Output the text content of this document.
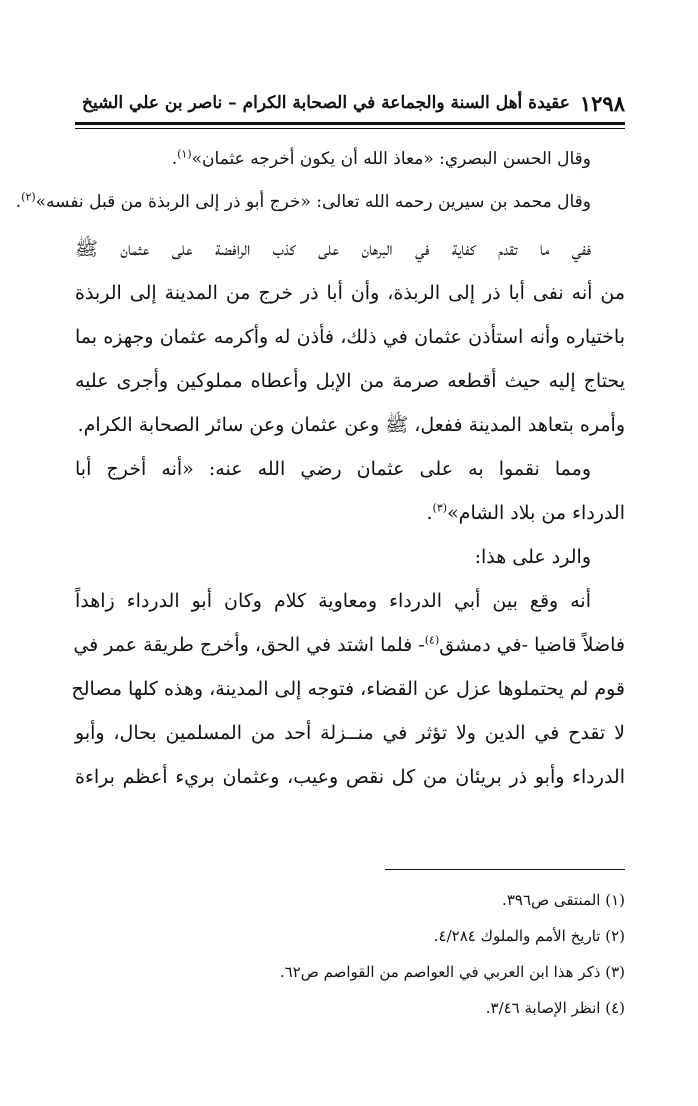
١٢٩٨
عقيدة أهل السنة والجماعة في الصحابة الكرام – ناصر بن علي الشيخ
وقال الحسن البصري: «معاذ الله أن يكون أخرجه عثمان»$^{(١)}$.
وقال محمد بن سيرين رحمه الله تعالى: «خرج أبو ذر إلى الربذة من قبل نفسه»$^{(٢)}$.
ففي ما تقدم كفاية في البرهان على كذب الرافضة على عثمان ﷺ
من أنه نفى أبا ذر إلى الربذة، وأن أبا ذر خرج من المدينة إلى الربذة
باختياره وأنه استأذن عثمان في ذلك، فأذن له وأكرمه عثمان وجهزه بما
يحتاج إليه حيث أقطعه صرمة من الإبل وأعطاه مملوكين وأجرى عليه
وأمره بتعاهد المدينة ففعل، ﷺ وعن عثمان وعن سائر الصحابة الكرام.
ومما نقموا به على عثمان رضي الله عنه: «أنه أخرج أبا
الدرداء من بلاد الشام»$^{(٣)}$.
والرد على هذا:
أنه وقع بين أبي الدرداء ومعاوية كلام وكان أبو الدرداء زاهداً
فاضلاً قاضيا -في دمشق$^{(٤)}$- فلما اشتد في الحق، وأخرج طريقة عمر في
قوم لم يحتملوها عزل عن القضاء، فتوجه إلى المدينة، وهذه كلها مصالح
لا تقدح في الدين ولا تؤثر في منــزلة أحد من المسلمين بحال، وأبو
الدرداء وأبو ذر بريئان من كل نقص وعيب، وعثمان بريء أعظم براءة
(١) المنتقى ص٣٩٦.
(٢) تاريخ الأمم والملوك ٤/٢٨٤.
(٣) ذكر هذا ابن العربي في العواصم من القواصم ص٦٢.
(٤) انظر الإصابة ٣/٤٦.
